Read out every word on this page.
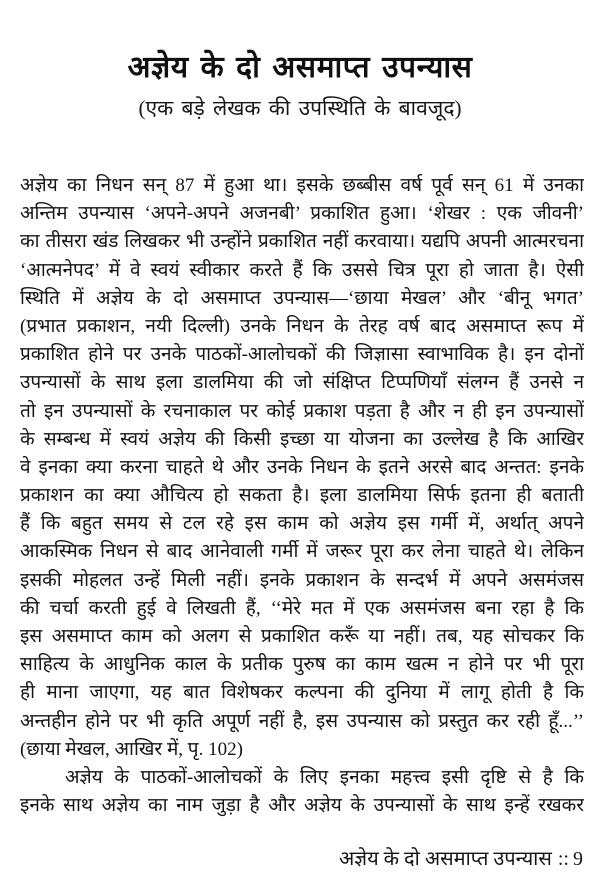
अज्ञेय के दो असमाप्त उपन्यास
(एक बड़े लेखक की उपस्थिति के बावजूद)
अज्ञेय का निधन सन् 87 में हुआ था। इसके छब्बीस वर्ष पूर्व सन् 61 में उनका
अन्तिम उपन्यास ‘अपने-अपने अजनबी’ प्रकाशित हुआ। ‘शेखर : एक जीवनी’
का तीसरा खंड लिखकर भी उन्होंने प्रकाशित नहीं करवाया। यद्यपि अपनी आत्मरचना
‘आत्मनेपद’ में वे स्वयं स्वीकार करते हैं कि उससे चित्र पूरा हो जाता है। ऐसी
स्थिति में अज्ञेय के दो असमाप्त उपन्यास—‘छाया मेखल’ और ‘बीनू भगत’
(प्रभात प्रकाशन, नयी दिल्ली) उनके निधन के तेरह वर्ष बाद असमाप्त रूप में
प्रकाशित होने पर उनके पाठकों-आलोचकों की जिज्ञासा स्वाभाविक है। इन दोनों
उपन्यासों के साथ इला डालमिया की जो संक्षिप्त टिप्पणियाँ संलग्न हैं उनसे न
तो इन उपन्यासों के रचनाकाल पर कोई प्रकाश पड़ता है और न ही इन उपन्यासों
के सम्बन्ध में स्वयं अज्ञेय की किसी इच्छा या योजना का उल्लेख है कि आखिर
वे इनका क्या करना चाहते थे और उनके निधन के इतने अरसे बाद अन्तत: इनके
प्रकाशन का क्या औचित्य हो सकता है। इला डालमिया सिर्फ इतना ही बताती
हैं कि बहुत समय से टल रहे इस काम को अज्ञेय इस गर्मी में, अर्थात् अपने
आकस्मिक निधन से बाद आनेवाली गर्मी में जरूर पूरा कर लेना चाहते थे। लेकिन
इसकी मोहलत उन्हें मिली नहीं। इनके प्रकाशन के सन्दर्भ में अपने असमंजस
की चर्चा करती हुई वे लिखती हैं, ‘‘मेरे मत में एक असमंजस बना रहा है कि
इस असमाप्त काम को अलग से प्रकाशित करूँ या नहीं। तब, यह सोचकर कि
साहित्य के आधुनिक काल के प्रतीक पुरुष का काम खत्म न होने पर भी पूरा
ही माना जाएगा, यह बात विशेषकर कल्पना की दुनिया में लागू होती है कि
अन्तहीन होने पर भी कृति अपूर्ण नहीं है, इस उपन्यास को प्रस्तुत कर रही हूँ...’’
(छाया मेखल, आखिर में, पृ. 102)
अज्ञेय के पाठकों-आलोचकों के लिए इनका महत्त्व इसी दृष्टि से है कि
इनके साथ अज्ञेय का नाम जुड़ा है और अज्ञेय के उपन्यासों के साथ इन्हें रखकर
अज्ञेय के दो असमाप्त उपन्यास :: 9
